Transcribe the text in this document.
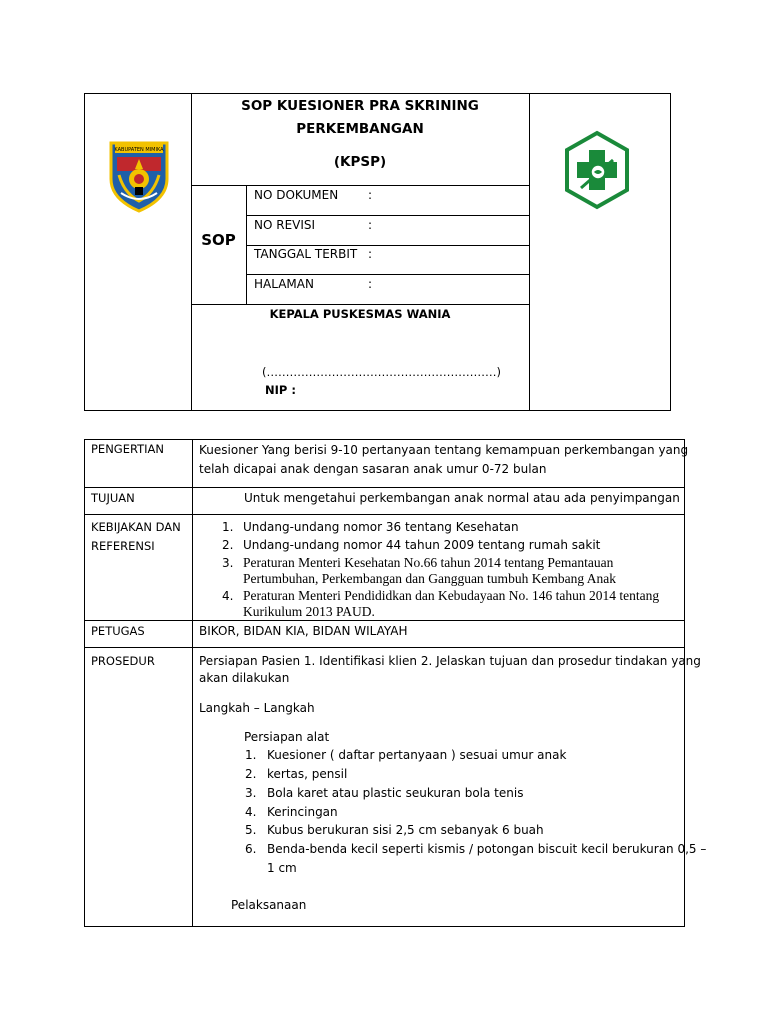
KABUPATEN MIMIKA
SOP KUESIONER PRA SKRINING
PERKEMBANGAN
(KPSP)
SOP
NO DOKUMEN :
NO REVISI	:
TANGGAL TERBIT :
HALAMAN	:
KEPALA PUSKESMAS WANIA
(……………………………………………………)
NIP :
PENGERTIAN	Kuesioner Yang berisi 9-10 pertanyaan tentang kemampuan perkembangan yang
telah dicapai anak dengan sasaran anak umur 0-72 bulan
TUJUAN	Untuk mengetahui perkembangan anak normal atau ada penyimpangan
KEBIJAKAN DAN
REFERENSI
1. Undang-undang nomor 36 tentang Kesehatan
2. Undang-undang nomor 44 tahun 2009 tentang rumah sakit
3. Peraturan Menteri Kesehatan No.66 tahun 2014 tentang Pemantauan
Pertumbuhan, Perkembangan dan Gangguan tumbuh Kembang Anak
4. Peraturan Menteri Pendididkan dan Kebudayaan No. 146 tahun 2014 tentang
Kurikulum 2013 PAUD.
PETUGAS	BIKOR, BIDAN KIA, BIDAN WILAYAH
PROSEDUR	Persiapan Pasien 1. Identifikasi klien 2. Jelaskan tujuan dan prosedur tindakan yang
akan dilakukan
Langkah – Langkah
Persiapan alat
1. Kuesioner ( daftar pertanyaan ) sesuai umur anak
2. kertas, pensil
3. Bola karet atau plastic seukuran bola tenis
4. Kerincingan
5. Kubus berukuran sisi 2,5 cm sebanyak 6 buah
6. Benda-benda kecil seperti kismis / potongan biscuit kecil berukuran 0,5 –
1 cm
Pelaksanaan
